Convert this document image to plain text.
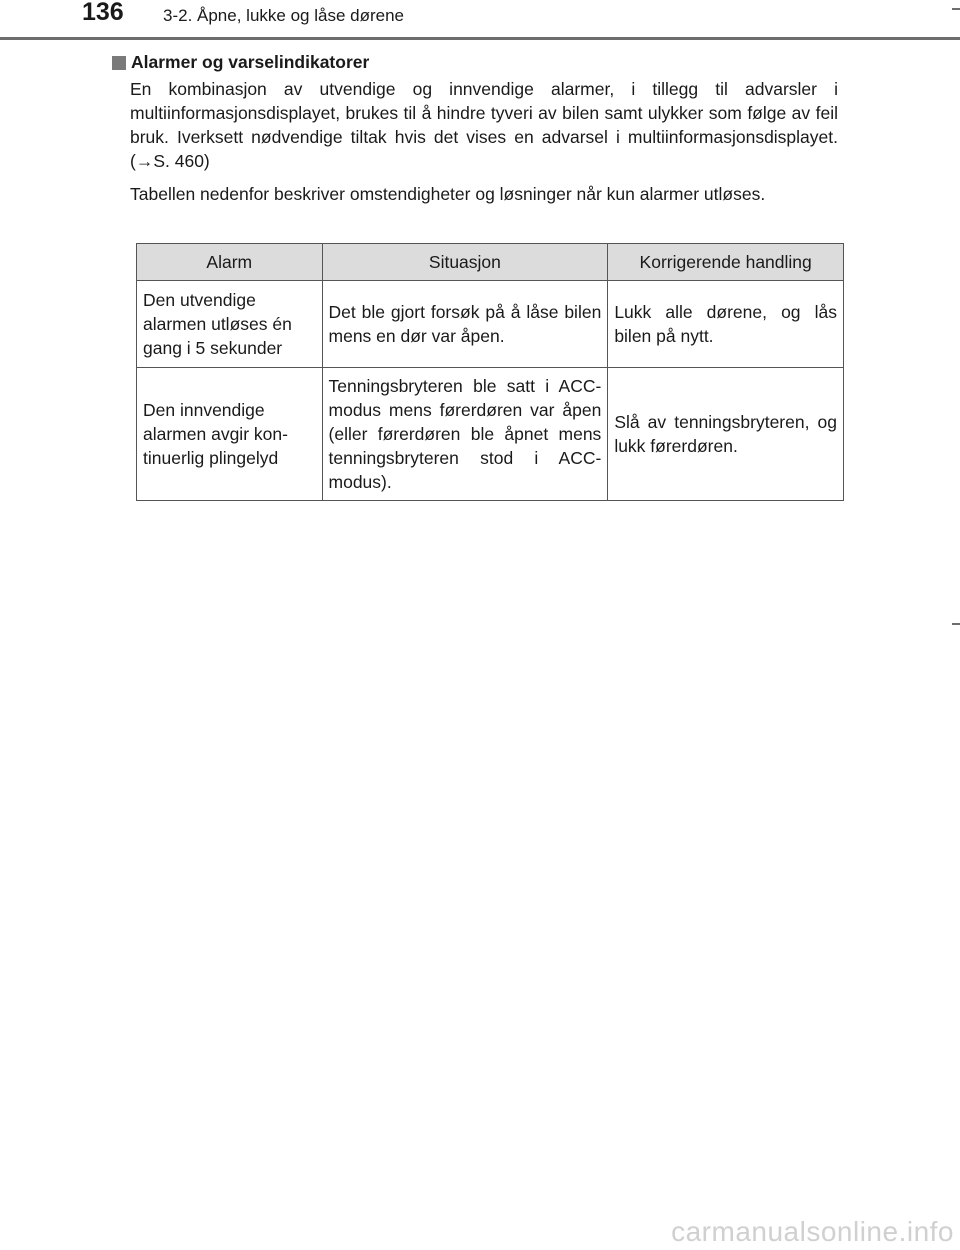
136 3-2. Åpne, lukke og låse dørene
Alarmer og varselindikatorer

En kombinasjon av utvendige og innvendige alarmer, i tillegg til advarsler i multiinformasjonsdisplayet, brukes til å hindre tyveri av bilen samt ulykker som følge av feil bruk. Iverksett nødvendige tiltak hvis det vises en advarsel i multiinformasjonsdisplayet. (→S. 460)

Tabellen nedenfor beskriver omstendigheter og løsninger når kun alarmer utløses.

Alarm	Situasjon	Korrigerende handling
Den utvendige alarmen utløses én gang i 5 sekunder	Det ble gjort forsøk på å låse bilen mens en dør var åpen.	Lukk alle dørene, og lås bilen på nytt.
Den innvendige alarmen avgir kon- tinuerlig plingelyd	Tenningsbryteren ble satt i ACC-modus mens førerdøren var åpen (eller førerdøren ble åpnet mens tenningsbryteren stod i ACC-modus).	Slå av tenningsbryteren, og lukk førerdøren.
carmanualsonline.info
